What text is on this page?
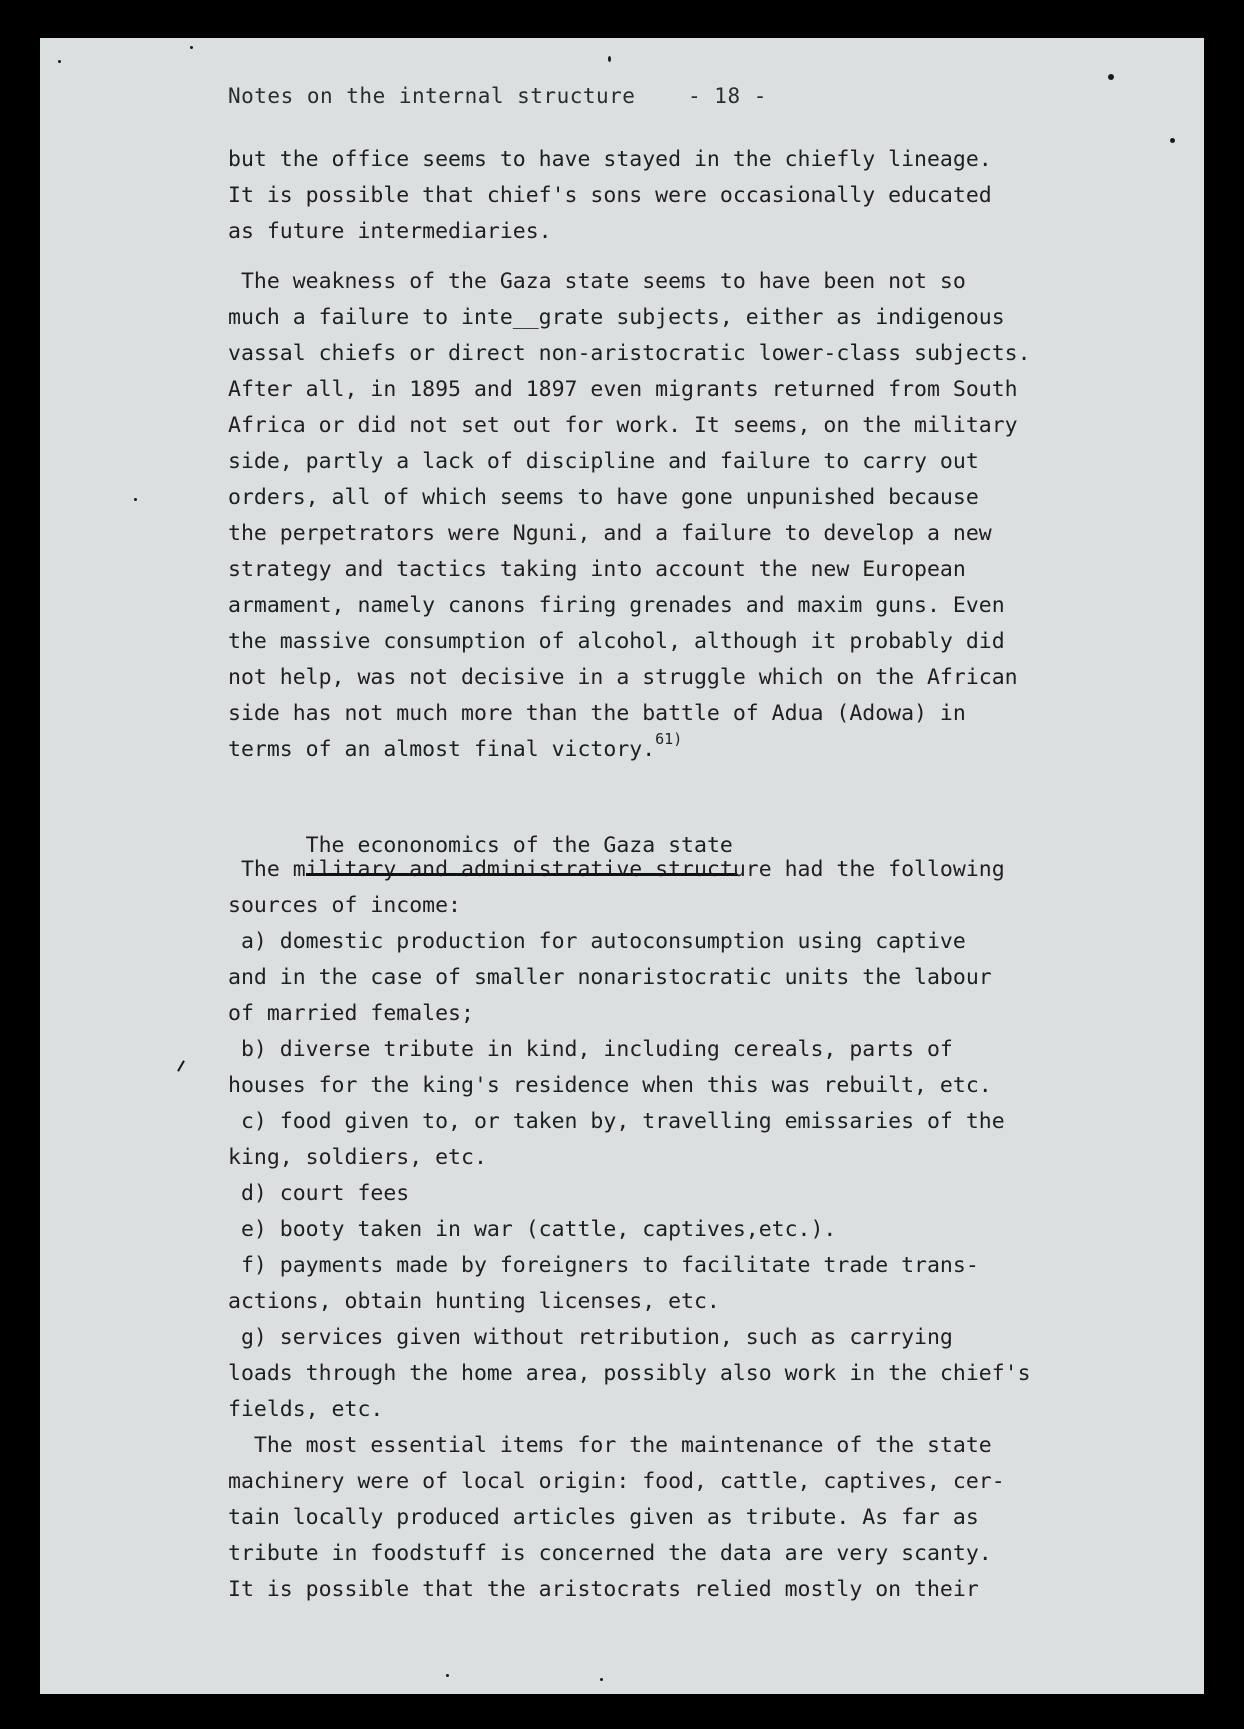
Notes on the internal structure	- 18 -
but the office seems to have stayed in the chiefly lineage.
It is possible that chief's sons were occasionally educated
as future intermediaries.
The weakness of the Gaza state seems to have been not so
much a failure to inte__grate subjects, either as indigenous
vassal chiefs or direct non-aristocratic lower-class subjects.
After all, in 1895 and 1897 even migrants returned from South
Africa or did not set out for work. It seems, on the military
side, partly a lack of discipline and failure to carry out
orders, all of which seems to have gone unpunished because
the perpetrators were Nguni, and a failure to develop a new
strategy and tactics taking into account the new European
armament, namely canons firing grenades and maxim guns. Even
the massive consumption of alcohol, although it probably did
not help, was not decisive in a struggle which on the African
side has not much more than the battle of Adua (Adowa) in
terms of an almost final victory.$^{61)}$

The econonomics of the Gaza state

The military and administrative structure had the following
sources of income:
a) domestic production for autoconsumption using captive
and in the case of smaller nonaristocratic units the labour
of married females;
b) diverse tribute in kind, including cereals, parts of
houses for the king's residence when this was rebuilt, etc.
c) food given to, or taken by, travelling emissaries of the
king, soldiers, etc.
d) court fees
e) booty taken in war (cattle, captives,etc.).
f) payments made by foreigners to facilitate trade trans-
actions, obtain hunting licenses, etc.
g) services given without retribution, such as carrying
loads through the home area, possibly also work in the chief's
fields, etc.
The most essential items for the maintenance of the state
machinery were of local origin: food, cattle, captives, cer-
tain locally produced articles given as tribute. As far as
tribute in foodstuff is concerned the data are very scanty.
It is possible that the aristocrats relied mostly on their
